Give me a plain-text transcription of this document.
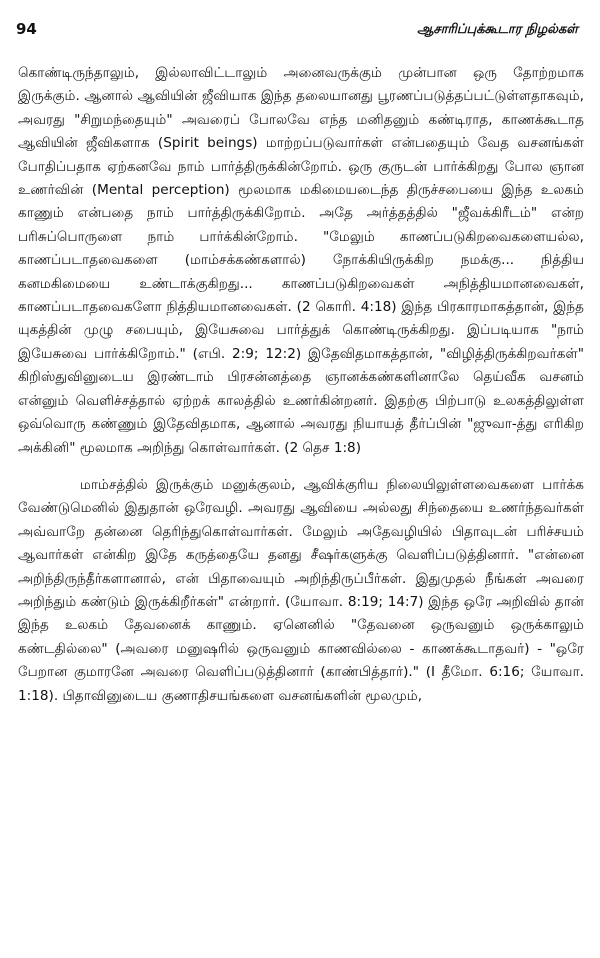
94	ஆசாரிப்புக்கூடார நிழல்கள்

கொண்டிருந்தாலும், இல்லாவிட்டாலும் அனைவருக்கும் முன்பான ஒரு தோற்றமாக இருக்கும். ஆனால் ஆவியின் ஜீவியாக இந்த தலையானது பூரணப்படுத்தப்பட்டுள்ளதாகவும், அவரது "சிறுமந்தையும்" அவரைப் போலவே எந்த மனிதனும் கண்டிராத, காணக்கூடாத ஆவியின் ஜீவிகளாக (Spirit beings) மாற்றப்படுவார்கள் என்பதையும் வேத வசனங்கள் போதிப்பதாக ஏற்கனவே நாம் பார்த்திருக்கின்றோம். ஒரு குருடன் பார்க்கிறது போல ஞான உணர்வின் (Mental perception) மூலமாக மகிமையடைந்த திருச்சபையை இந்த உலகம் காணும் என்பதை நாம் பார்த்திருக்கிறோம். அதே அர்த்தத்தில் "ஜீவக்கிரீடம்" என்ற பரிசுப்பொருளை நாம் பார்க்கின்றோம். "மேலும் காணப்படுகிறவைகளையல்ல, காணப்படாதவைகளை (மாம்சக்கண்களால்) நோக்கியிருக்கிற நமக்கு... நித்திய கனமகிமையை உண்டாக்குகிறது... காணப்படுகிறவைகள் அநித்தியமானவைகள், காணப்படாதவைகளோ நித்தியமானவைகள். (2 கொரி. 4:18) இந்த பிரகாரமாகத்தான், இந்த யுகத்தின் முழு சபையும், இயேசுவை பார்த்துக் கொண்டிருக்கிறது. இப்படியாக "நாம் இயேசுவை பார்க்கிறோம்." (எபி. 2:9; 12:2) இதேவிதமாகத்தான், "விழித்திருக்கிறவர்கள்" கிறிஸ்துவினுடைய இரண்டாம் பிரசன்னத்தை ஞானக்கண்களினாலே தெய்வீக வசனம் என்னும் வெளிச்சத்தால் ஏற்றக் காலத்தில் உணர்கின்றனர். இதற்கு பிற்பாடு உலகத்திலுள்ள ஒவ்வொரு கண்ணும் இதேவிதமாக, ஆனால் அவரது நியாயத் தீர்ப்பின் "ஜுவா-த்து எரிகிற அக்கினி" மூலமாக அறிந்து கொள்வார்கள். (2 தெச 1:8)

மாம்சத்தில் இருக்கும் மனுக்குலம், ஆவிக்குரிய நிலையிலுள்ளவைகளை பார்க்க வேண்டுமெனில் இதுதான் ஒரேவழி. அவரது ஆவியை அல்லது சிந்தையை உணர்ந்தவர்கள் அவ்வாறே தன்னை தெரிந்துகொள்வார்கள். மேலும் அதேவழியில் பிதாவுடன் பரிச்சயம் ஆவார்கள் என்கிற இதே கருத்தையே தனது சீஷர்களுக்கு வெளிப்படுத்தினார். "என்னை அறிந்திருந்தீர்களானால், என் பிதாவையும் அறிந்திருப்பீர்கள். இதுமுதல் நீங்கள் அவரை அறிந்தும் கண்டும் இருக்கிறீர்கள்" என்றார். (யோவா. 8:19; 14:7) இந்த ஒரே அறிவில் தான் இந்த உலகம் தேவனைக் காணும். ஏனெனில் "தேவனை ஒருவனும் ஒருக்காலும் கண்டதில்லை" (அவரை மனுஷரில் ஒருவனும் காணவில்லை - காணக்கூடாதவர்) - "ஒரே பேறான குமாரனே அவரை வெளிப்படுத்தினார் (காண்பித்தார்)." (I தீமோ. 6:16; யோவா. 1:18). பிதாவினுடைய குணாதிசயங்களை வசனங்களின் மூலமும்,
